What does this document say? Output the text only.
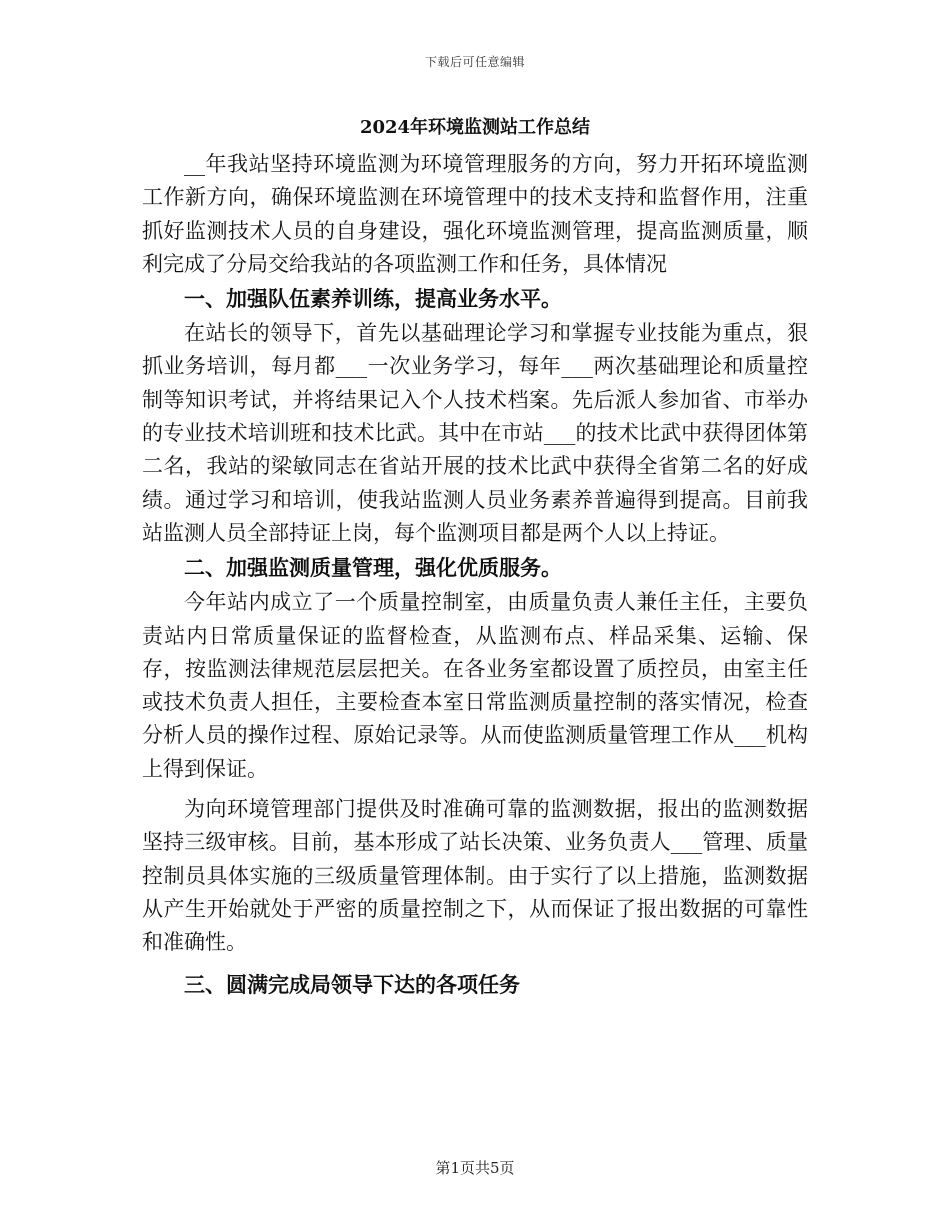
下载后可任意编辑
2024年环境监测站工作总结

__年我站坚持环境监测为环境管理服务的方向，努力开拓环境监测工作新方向，确保环境监测在环境管理中的技术支持和监督作用，注重抓好监测技术人员的自身建设，强化环境监测管理，提高监测质量，顺利完成了分局交给我站的各项监测工作和任务，具体情况

一、加强队伍素养训练，提高业务水平。

在站长的领导下，首先以基础理论学习和掌握专业技能为重点，狠抓业务培训，每月都___一次业务学习，每年___两次基础理论和质量控制等知识考试，并将结果记入个人技术档案。先后派人参加省、市举办的专业技术培训班和技术比武。其中在市站___的技术比武中获得团体第二名，我站的梁敏同志在省站开展的技术比武中获得全省第二名的好成绩。通过学习和培训，使我站监测人员业务素养普遍得到提高。目前我站监测人员全部持证上岗，每个监测项目都是两个人以上持证。

二、加强监测质量管理，强化优质服务。

今年站内成立了一个质量控制室，由质量负责人兼任主任，主要负责站内日常质量保证的监督检查，从监测布点、样品采集、运输、保存，按监测法律规范层层把关。在各业务室都设置了质控员，由室主任或技术负责人担任，主要检查本室日常监测质量控制的落实情况，检查分析人员的操作过程、原始记录等。从而使监测质量管理工作从___机构上得到保证。

为向环境管理部门提供及时准确可靠的监测数据，报出的监测数据坚持三级审核。目前，基本形成了站长决策、业务负责人___管理、质量控制员具体实施的三级质量管理体制。由于实行了以上措施，监测数据从产生开始就处于严密的质量控制之下，从而保证了报出数据的可靠性和准确性。

三、圆满完成局领导下达的各项任务

第1页共5页
